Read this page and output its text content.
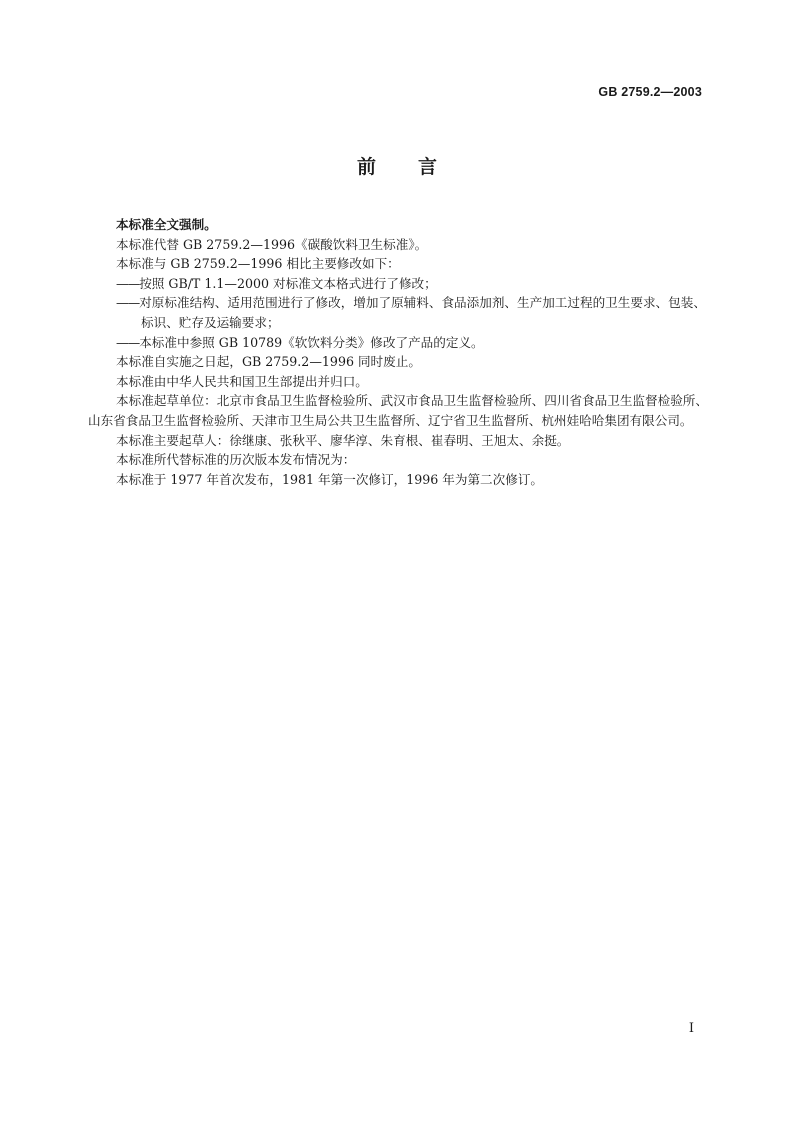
GB 2759.2—2003
前 言

本标准全文强制。

本标准代替 GB 2759.2—1996《碳酸饮料卫生标准》。

本标准与 GB 2759.2—1996 相比主要修改如下：

——按照 GB/T 1.1—2000 对标准文本格式进行了修改；

——对原标准结构、适用范围进行了修改，增加了原辅料、食品添加剂、生产加工过程的卫生要求、包装、标识、贮存及运输要求；

——本标准中参照 GB 10789《软饮料分类》修改了产品的定义。

本标准自实施之日起，GB 2759.2—1996 同时废止。

本标准由中华人民共和国卫生部提出并归口。

本标准起草单位：北京市食品卫生监督检验所、武汉市食品卫生监督检验所、四川省食品卫生监督检验所、山东省食品卫生监督检验所、天津市卫生局公共卫生监督所、辽宁省卫生监督所、杭州娃哈哈集团有限公司。

本标准主要起草人：徐继康、张秋平、廖华淳、朱育根、崔春明、王旭太、余挺。

本标准所代替标准的历次版本发布情况为：

本标准于 1977 年首次发布，1981 年第一次修订，1996 年为第二次修订。

I
